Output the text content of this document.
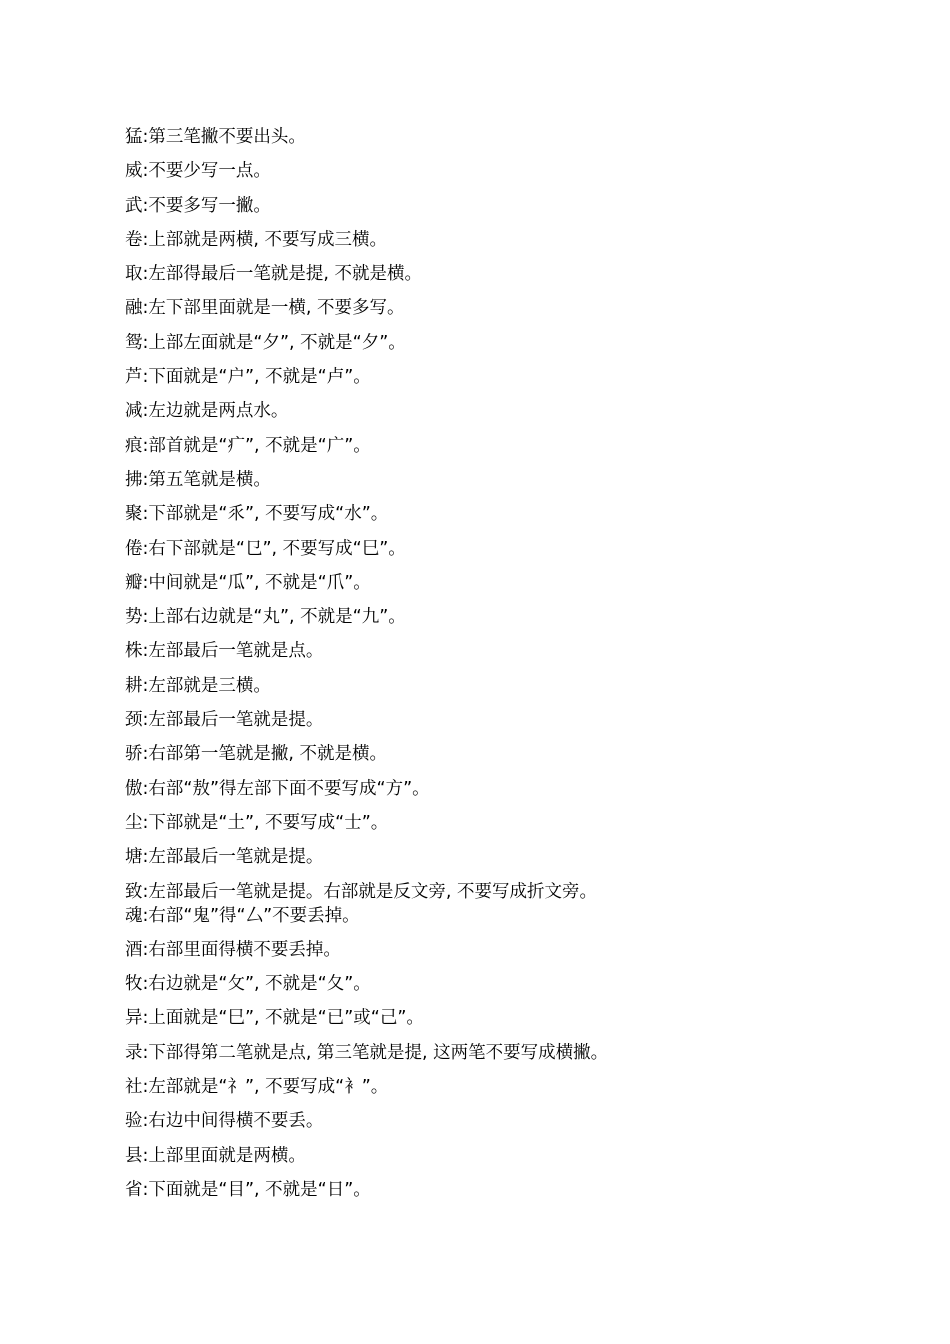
猛:第三笔撇不要出头。
威:不要少写一点。
武:不要多写一撇。
卷:上部就是两横, 不要写成三横。
取:左部得最后一笔就是提, 不就是横。
融:左下部里面就是一横, 不要多写。
鸳:上部左面就是“夕”, 不就是“夕”。
芦:下面就是“户”, 不就是“卢”。
减:左边就是两点水。
痕:部首就是“疒”, 不就是“广”。
拂:第五笔就是横。
聚:下部就是“乑”, 不要写成“水”。
倦:右下部就是“㔾”, 不要写成“巳”。
瓣:中间就是“瓜”, 不就是“爪”。
势:上部右边就是“丸”, 不就是“九”。
株:左部最后一笔就是点。
耕:左部就是三横。
颈:左部最后一笔就是提。
骄:右部第一笔就是撇, 不就是横。
傲:右部“敖”得左部下面不要写成“方”。
尘:下部就是“土”, 不要写成“士”。
塘:左部最后一笔就是提。
致:左部最后一笔就是提。右部就是反文旁, 不要写成折文旁。
魂:右部“鬼”得“厶”不要丢掉。
酒:右部里面得横不要丢掉。
牧:右边就是“攵”, 不就是“夂”。
异:上面就是“巳”, 不就是“已”或“己”。
录:下部得第二笔就是点, 第三笔就是提, 这两笔不要写成横撇。
社:左部就是“礻”, 不要写成“衤”。
验:右边中间得横不要丢。
县:上部里面就是两横。
省:下面就是“目”, 不就是“日”。
